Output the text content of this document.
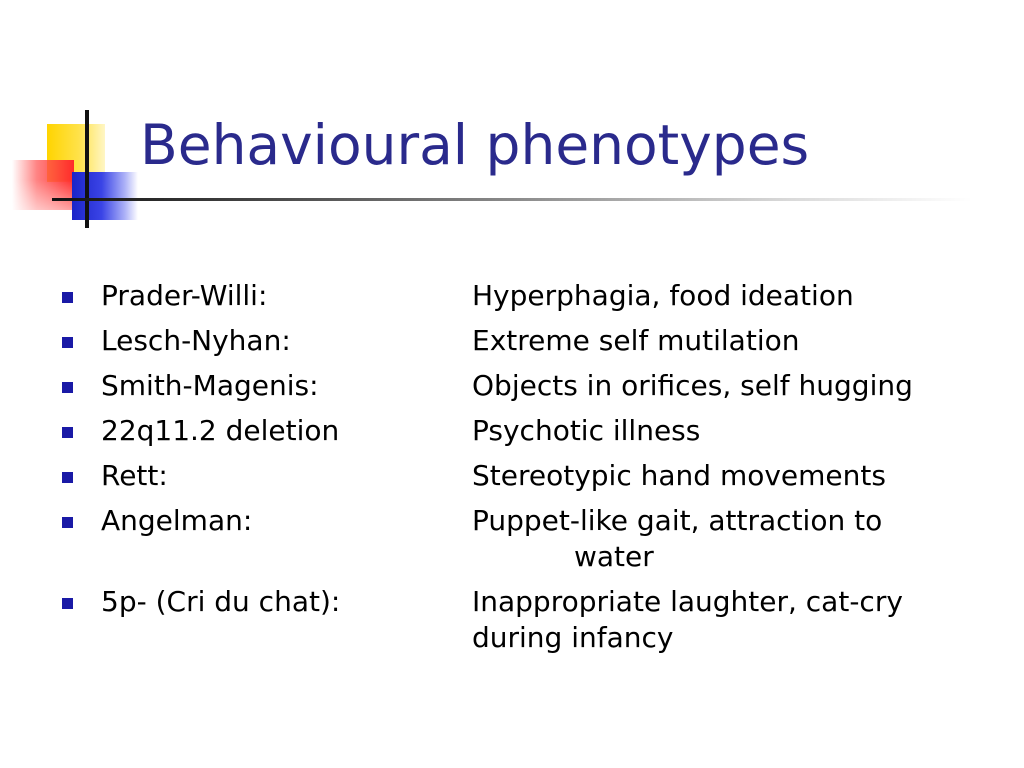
Behavioural phenotypes
Prader-Willi:	Hyperphagia, food ideation
Lesch-Nyhan:	Extreme self mutilation
Smith-Magenis:	Objects in orifices, self hugging
22q11.2 deletion	Psychotic illness
Rett:	Stereotypic hand movements
Angelman:	Puppet-like gait, attraction to
water
5p- (Cri du chat):	Inappropriate laughter, cat-cry
during infancy
